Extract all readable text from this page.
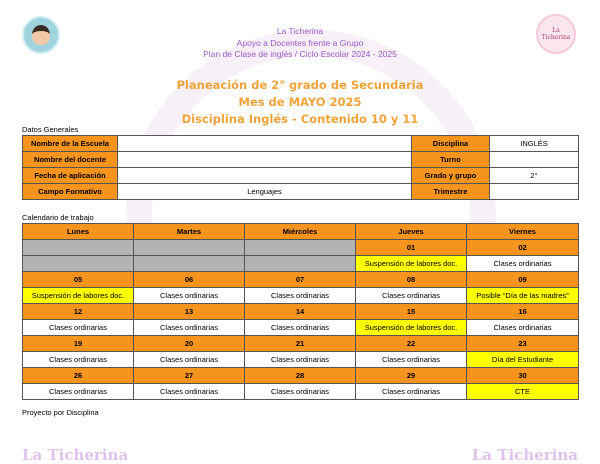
La Ticherina
La Ticherina
Apoyo a Docentes frente a Grupo
Plan de Clase de inglés / Ciclo Escolar 2024 - 2025
Planeación de 2° grado de Secundaria
Mes de MAYO 2025
Disciplina Inglés - Contenido 10 y 11
Datos Generales
Nombre de la Escuela		Disciplina	INGLÉS
Nombre del docente		Turno	
Fecha de aplicación		Grado y grupo	2°
Campo Formativo	Lenguajes	Trimestre	
Calendario de trabajo
Lunes	Martes	Miércoles	Jueves	Viernes
			01	02
			Suspensión de labores doc.	Clases ordinarias
05	06	07	08	09
Suspensión de labores doc.	Clases ordinarias	Clases ordinarias	Clases ordinarias	Posible “Día de las madres”
12	13	14	15	16
Clases ordinarias	Clases ordinarias	Clases ordinarias	Suspensión de labores doc.	Clases ordinarias
19	20	21	22	23
Clases ordinarias	Clases ordinarias	Clases ordinarias	Clases ordinarias	Día del Estudiante
26	27	28	29	30
Clases ordinarias	Clases ordinarias	Clases ordinarias	Clases ordinarias	CTE
Proyecto por Disciplina
La Ticherina	La Ticherina
